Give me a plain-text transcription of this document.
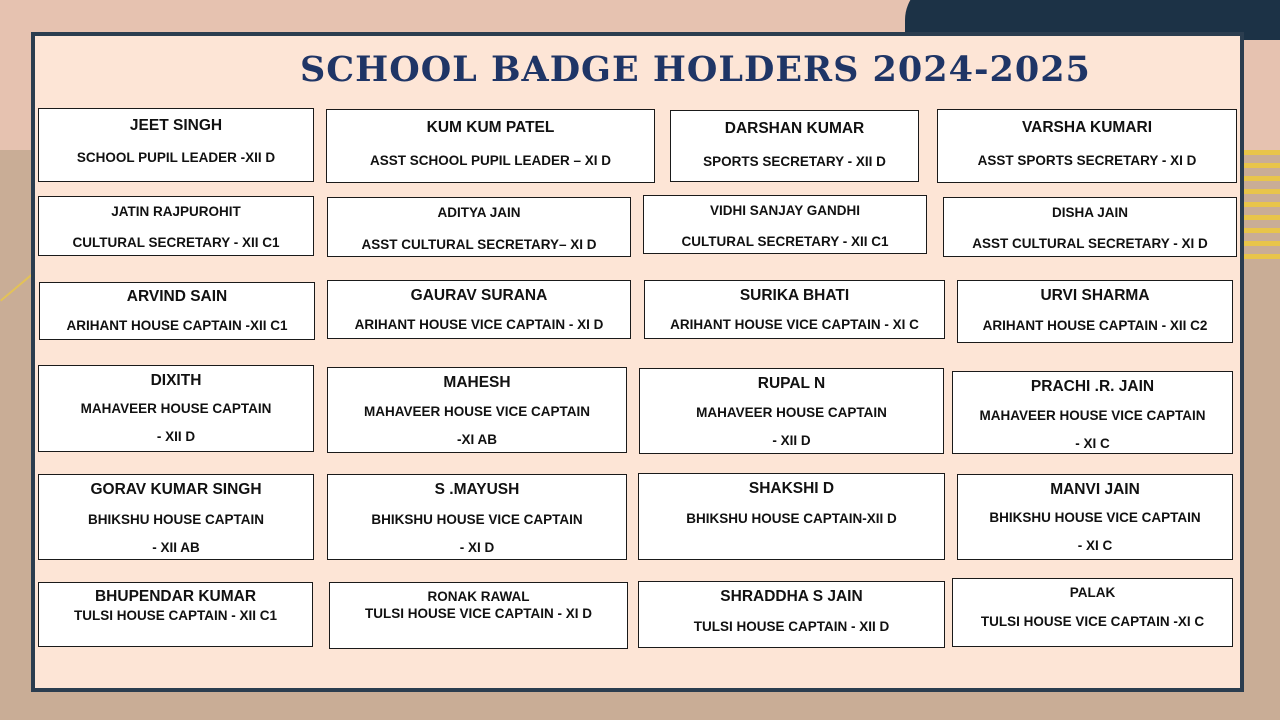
SCHOOL BADGE HOLDERS 2024-2025
JEET SINGH
SCHOOL PUPIL LEADER -XII D
KUM KUM PATEL
ASST SCHOOL PUPIL LEADER – XI D
DARSHAN KUMAR
SPORTS SECRETARY - XII D
VARSHA KUMARI
ASST SPORTS SECRETARY - XI D
JATIN RAJPUROHIT
CULTURAL SECRETARY - XII C1
ADITYA JAIN
ASST CULTURAL SECRETARY– XI D
VIDHI SANJAY GANDHI
CULTURAL SECRETARY - XII C1
DISHA JAIN
ASST CULTURAL SECRETARY - XI D
ARVIND SAIN
ARIHANT HOUSE CAPTAIN -XII C1
GAURAV SURANA
ARIHANT HOUSE VICE CAPTAIN - XI D
SURIKA BHATI
ARIHANT HOUSE VICE CAPTAIN - XI C
URVI SHARMA
ARIHANT HOUSE CAPTAIN - XII C2
DIXITH
MAHAVEER HOUSE CAPTAIN
- XII D
MAHESH
MAHAVEER HOUSE VICE CAPTAIN
-XI AB
RUPAL N
MAHAVEER HOUSE CAPTAIN
- XII D
PRACHI .R. JAIN
MAHAVEER HOUSE VICE CAPTAIN
- XI C
GORAV KUMAR SINGH
BHIKSHU HOUSE CAPTAIN
- XII AB
S .MAYUSH
BHIKSHU HOUSE VICE CAPTAIN
- XI D
SHAKSHI D
BHIKSHU HOUSE CAPTAIN-XII D
MANVI JAIN
BHIKSHU HOUSE VICE CAPTAIN
- XI C
BHUPENDAR KUMAR
TULSI HOUSE CAPTAIN - XII C1
RONAK RAWAL
TULSI HOUSE VICE CAPTAIN - XI D
SHRADDHA S JAIN
TULSI HOUSE CAPTAIN - XII D
PALAK
TULSI HOUSE VICE CAPTAIN -XI C
